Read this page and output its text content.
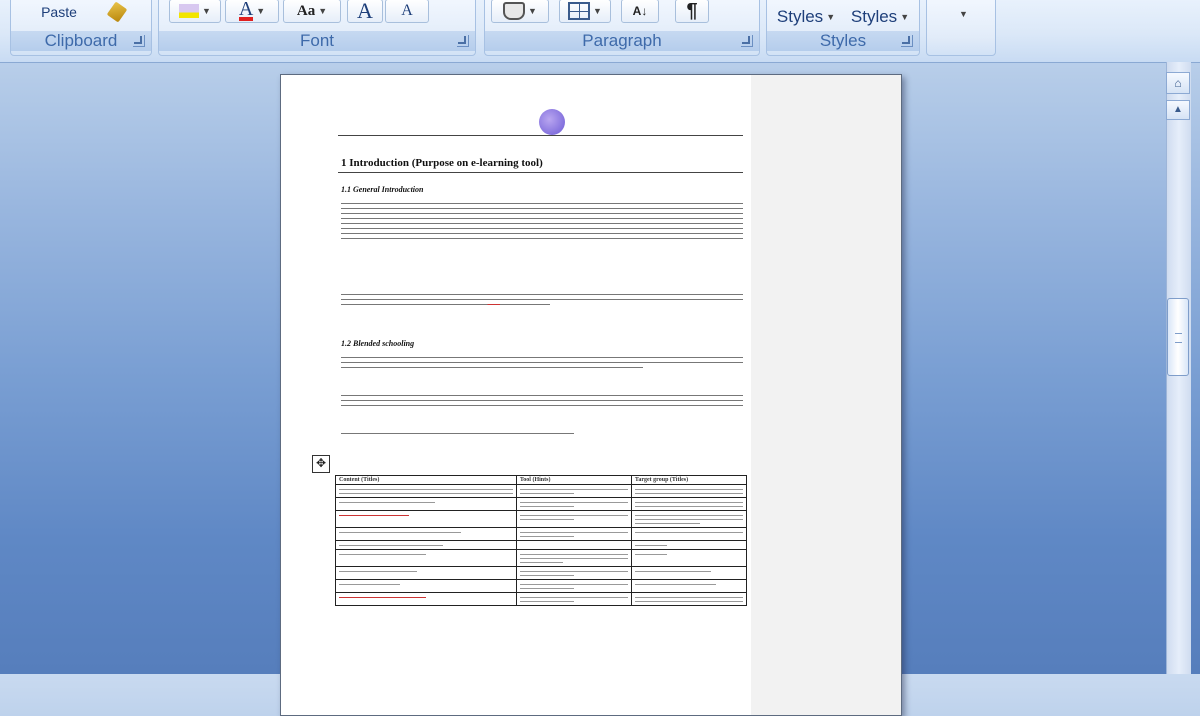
Paste
Clipboard
▼ A ▼ Aa ▼ A A
Font
▼	▼	A↓ ¶
Paragraph
Styles ▼ Styles ▼
Styles
▼
1 Introduction (Purpose on e-learning tool)
1.1 General Introduction
1.2 Blended schooling
✥
Content (Titles)	Tool (Hints)	Target group (Titles)

⌂
▲
